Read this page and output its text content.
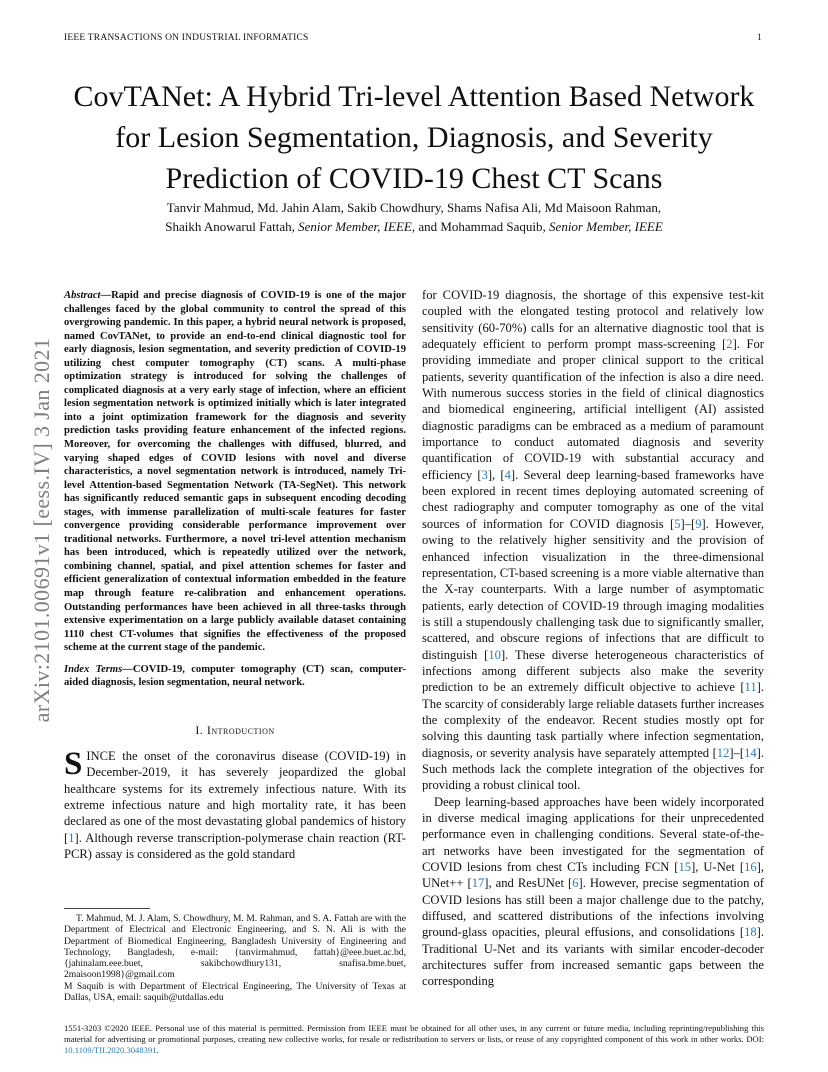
IEEE TRANSACTIONS ON INDUSTRIAL INFORMATICS	1
arXiv:2101.00691v1 [eess.IV] 3 Jan 2021
CovTANet: A Hybrid Tri-level Attention Based Network for Lesion Segmentation, Diagnosis, and Severity Prediction of COVID-19 Chest CT Scans
Tanvir Mahmud, Md. Jahin Alam, Sakib Chowdhury, Shams Nafisa Ali, Md Maisoon Rahman,
Shaikh Anowarul Fattah, Senior Member, IEEE, and Mohammad Saquib, Senior Member, IEEE

Abstract—Rapid and precise diagnosis of COVID-19 is one of the major challenges faced by the global community to control the spread of this overgrowing pandemic. In this paper, a hybrid neural network is proposed, named CovTANet, to provide an end-to-end clinical diagnostic tool for early diagnosis, lesion segmentation, and severity prediction of COVID-19 utilizing chest computer tomography (CT) scans. A multi-phase optimization strategy is introduced for solving the challenges of complicated diagnosis at a very early stage of infection, where an efficient lesion segmentation network is optimized initially which is later integrated into a joint optimization framework for the diagnosis and severity prediction tasks providing feature enhancement of the infected regions. Moreover, for overcoming the challenges with diffused, blurred, and varying shaped edges of COVID lesions with novel and diverse characteristics, a novel segmentation network is introduced, namely Tri-level Attention-based Segmentation Network (TA-SegNet). This network has significantly reduced semantic gaps in subsequent encoding decoding stages, with immense parallelization of multi-scale features for faster convergence providing considerable performance improvement over traditional networks. Furthermore, a novel tri-level attention mechanism has been introduced, which is repeatedly utilized over the network, combining channel, spatial, and pixel attention schemes for faster and efficient generalization of contextual information embedded in the feature map through feature re-calibration and enhancement operations. Outstanding performances have been achieved in all three-tasks through extensive experimentation on a large publicly available dataset containing 1110 chest CT-volumes that signifies the effectiveness of the proposed scheme at the current stage of the pandemic.

Index Terms—COVID-19, computer tomography (CT) scan, computer-aided diagnosis, lesion segmentation, neural network.

I. Introduction

SINCE the onset of the coronavirus disease (COVID-19) in December-2019, it has severely jeopardized the global healthcare systems for its extremely infectious nature. With its extreme infectious nature and high mortality rate, it has been declared as one of the most devastating global pandemics of history [1]. Although reverse transcription-polymerase chain reaction (RT-PCR) assay is considered as the gold standard

T. Mahmud, M. J. Alam, S. Chowdhury, M. M. Rahman, and S. A. Fattah are with the Department of Electrical and Electronic Engineering, and S. N. Ali is with the Department of Biomedical Engineering, Bangladesh University of Engineering and Technology, Bangladesh, e-mail: {tanvirmahmud, fattah}@eee.buet.ac.bd, {jahinalam.eee.buet, sakibchowdhury131, snafisa.bme.buet, 2maisoon1998}@gmail.com

M Saquib is with Department of Electrical Engineering, The University of Texas at Dallas, USA, email: saquib@utdallas.edu

for COVID-19 diagnosis, the shortage of this expensive test-kit coupled with the elongated testing protocol and relatively low sensitivity (60-70%) calls for an alternative diagnostic tool that is adequately efficient to perform prompt mass-screening [2]. For providing immediate and proper clinical support to the critical patients, severity quantification of the infection is also a dire need. With numerous success stories in the field of clinical diagnostics and biomedical engineering, artificial intelligent (AI) assisted diagnostic paradigms can be embraced as a medium of paramount importance to conduct automated diagnosis and severity quantification of COVID-19 with substantial accuracy and efficiency [3], [4]. Several deep learning-based frameworks have been explored in recent times deploying automated screening of chest radiography and computer tomography as one of the vital sources of information for COVID diagnosis [5]–[9]. However, owing to the relatively higher sensitivity and the provision of enhanced infection visualization in the three-dimensional representation, CT-based screening is a more viable alternative than the X-ray counterparts. With a large number of asymptomatic patients, early detection of COVID-19 through imaging modalities is still a stupendously challenging task due to significantly smaller, scattered, and obscure regions of infections that are difficult to distinguish [10]. These diverse heterogeneous characteristics of infections among different subjects also make the severity prediction to be an extremely difficult objective to achieve [11]. The scarcity of considerably large reliable datasets further increases the complexity of the endeavor. Recent studies mostly opt for solving this daunting task partially where infection segmentation, diagnosis, or severity analysis have separately attempted [12]–[14]. Such methods lack the complete integration of the objectives for providing a robust clinical tool.

Deep learning-based approaches have been widely incorporated in diverse medical imaging applications for their unprecedented performance even in challenging conditions. Several state-of-the-art networks have been investigated for the segmentation of COVID lesions from chest CTs including FCN [15], U-Net [16], UNet++ [17], and ResUNet [6]. However, precise segmentation of COVID lesions has still been a major challenge due to the patchy, diffused, and scattered distributions of the infections involving ground-glass opacities, pleural effusions, and consolidations [18]. Traditional U-Net and its variants with similar encoder-decoder architectures suffer from increased semantic gaps between the corresponding

1551-3203 ©2020 IEEE. Personal use of this material is permitted. Permission from IEEE must be obtained for all other uses, in any current or future media, including reprinting/republishing this material for advertising or promotional purposes, creating new collective works, for resale or redistribution to servers or lists, or reuse of any copyrighted component of this work in other works. DOI: 10.1109/TII.2020.3048391.
